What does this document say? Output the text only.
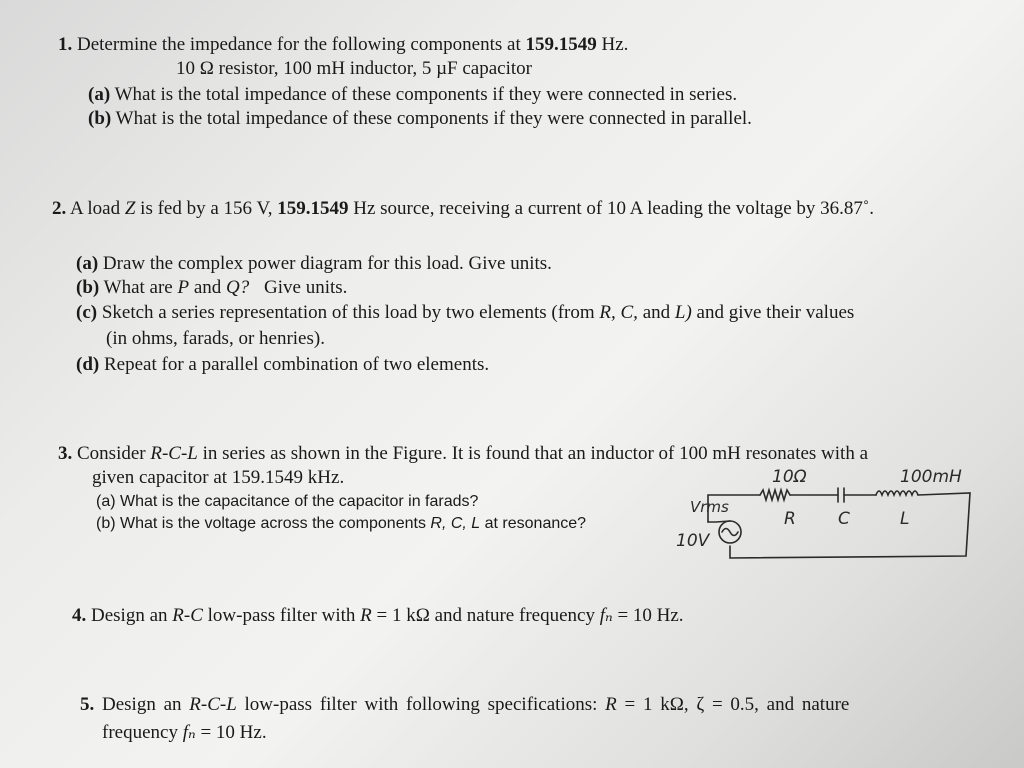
1. Determine the impedance for the following components at 159.1549 Hz.
10 Ω resistor, 100 mH inductor, 5 µF capacitor
(a) What is the total impedance of these components if they were connected in series.
(b) What is the total impedance of these components if they were connected in parallel.
2. A load Z is fed by a 156 V, 159.1549 Hz source, receiving a current of 10 A leading the voltage by 36.87˚.
(a) Draw the complex power diagram for this load. Give units.
(b) What are P and Q? Give units.
(c) Sketch a series representation of this load by two elements (from R, C, and L) and give their values
(in ohms, farads, or henries).
(d) Repeat for a parallel combination of two elements.
3. Consider R-C-L in series as shown in the Figure. It is found that an inductor of 100 mH resonates with a
given capacitor at 159.1549 kHz.
(a) What is the capacitance of the capacitor in farads?
(b) What is the voltage across the components R, C, L at resonance?
10Ω	100mH
Vrms
10V
R C	L
4. Design an R-C low-pass filter with R = 1 kΩ and nature frequency fₙ = 10 Hz.
5. Design an R-C-L low-pass filter with following specifications: R = 1 kΩ, ζ = 0.5, and nature
frequency fₙ = 10 Hz.
